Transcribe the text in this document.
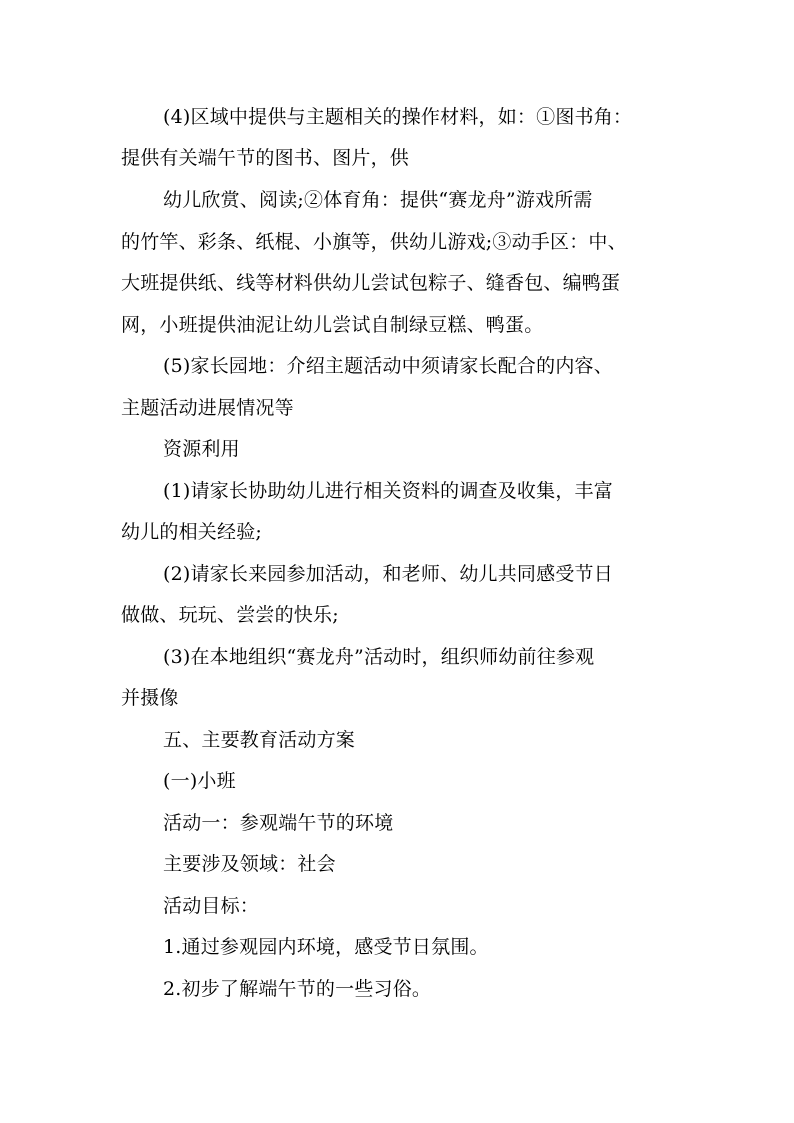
(4)区域中提供与主题相关的操作材料，如：①图书角：
提供有关端午节的图书、图片，供
幼儿欣赏、阅读;②体育角：提供“赛龙舟”游戏所需
的竹竿、彩条、纸棍、小旗等，供幼儿游戏;③动手区：中、
大班提供纸、线等材料供幼儿尝试包粽子、缝香包、编鸭蛋
网，小班提供油泥让幼儿尝试自制绿豆糕、鸭蛋。
(5)家长园地：介绍主题活动中须请家长配合的内容、
主题活动进展情况等
资源利用
(1)请家长协助幼儿进行相关资料的调查及收集，丰富
幼儿的相关经验;
(2)请家长来园参加活动，和老师、幼儿共同感受节日
做做、玩玩、尝尝的快乐;
(3)在本地组织“赛龙舟”活动时，组织师幼前往参观
并摄像
五、主要教育活动方案
(一)小班
活动一：参观端午节的环境
主要涉及领域：社会
活动目标：
1.通过参观园内环境，感受节日氛围。
2.初步了解端午节的一些习俗。
